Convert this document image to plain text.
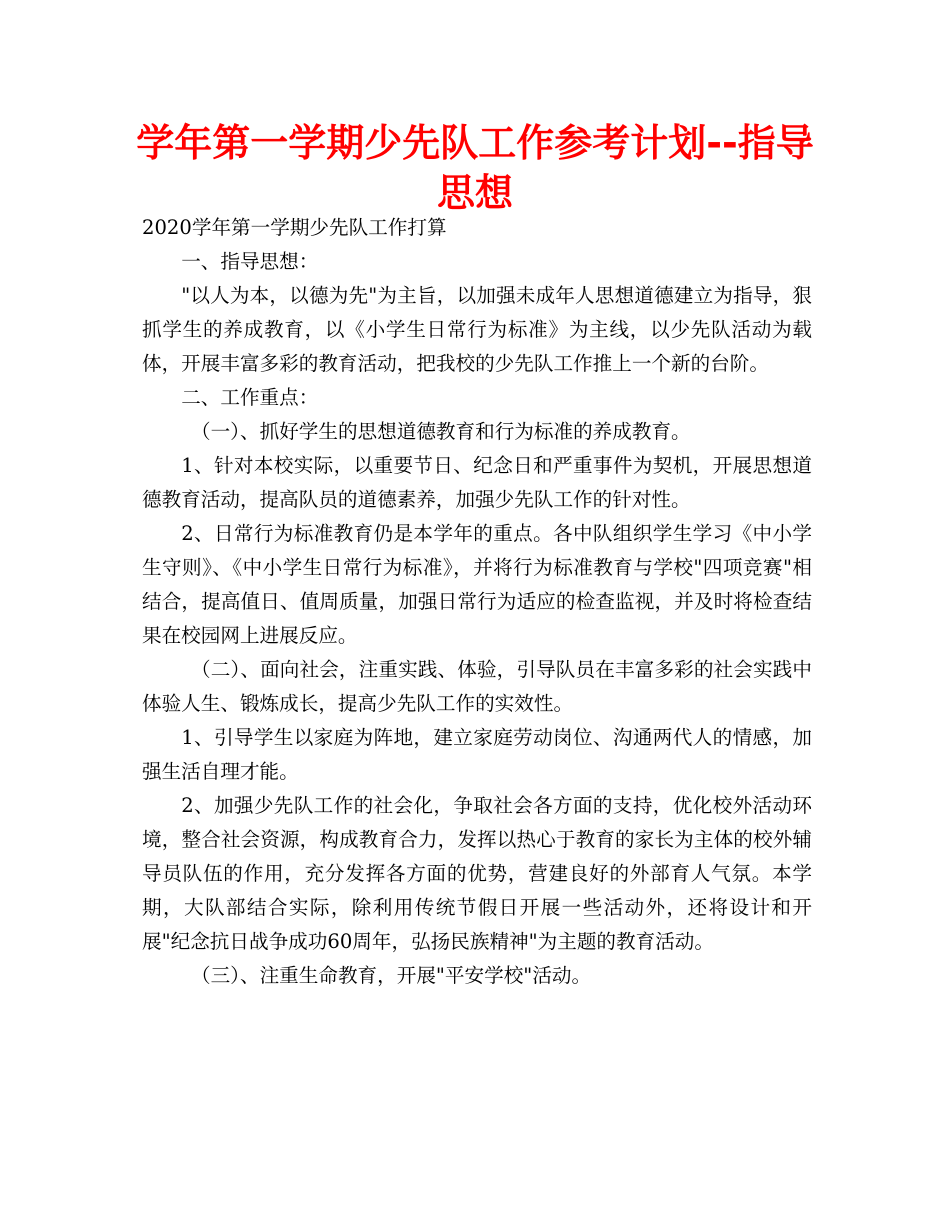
学年第一学期少先队工作参考计划--指导思想

2020学年第一学期少先队工作打算

一、指导思想：

"以人为本，以德为先"为主旨，以加强未成年人思想道德建立为指导，狠抓学生的养成教育，以《小学生日常行为标准》为主线，以少先队活动为载体，开展丰富多彩的教育活动，把我校的少先队工作推上一个新的台阶。

二、工作重点：

（一）、抓好学生的思想道德教育和行为标准的养成教育。

1、针对本校实际，以重要节日、纪念日和严重事件为契机，开展思想道德教育活动，提高队员的道德素养，加强少先队工作的针对性。

2、日常行为标准教育仍是本学年的重点。各中队组织学生学习《中小学生守则》、《中小学生日常行为标准》，并将行为标准教育与学校"四项竞赛"相结合，提高值日、值周质量，加强日常行为适应的检查监视，并及时将检查结果在校园网上进展反应。

（二）、面向社会，注重实践、体验，引导队员在丰富多彩的社会实践中体验人生、锻炼成长，提高少先队工作的实效性。

1、引导学生以家庭为阵地，建立家庭劳动岗位、沟通两代人的情感，加强生活自理才能。

2、加强少先队工作的社会化，争取社会各方面的支持，优化校外活动环境，整合社会资源，构成教育合力，发挥以热心于教育的家长为主体的校外辅导员队伍的作用，充分发挥各方面的优势，营建良好的外部育人气氛。本学期，大队部结合实际，除利用传统节假日开展一些活动外，还将设计和开展"纪念抗日战争成功60周年，弘扬民族精神"为主题的教育活动。

（三）、注重生命教育，开展"平安学校"活动。
